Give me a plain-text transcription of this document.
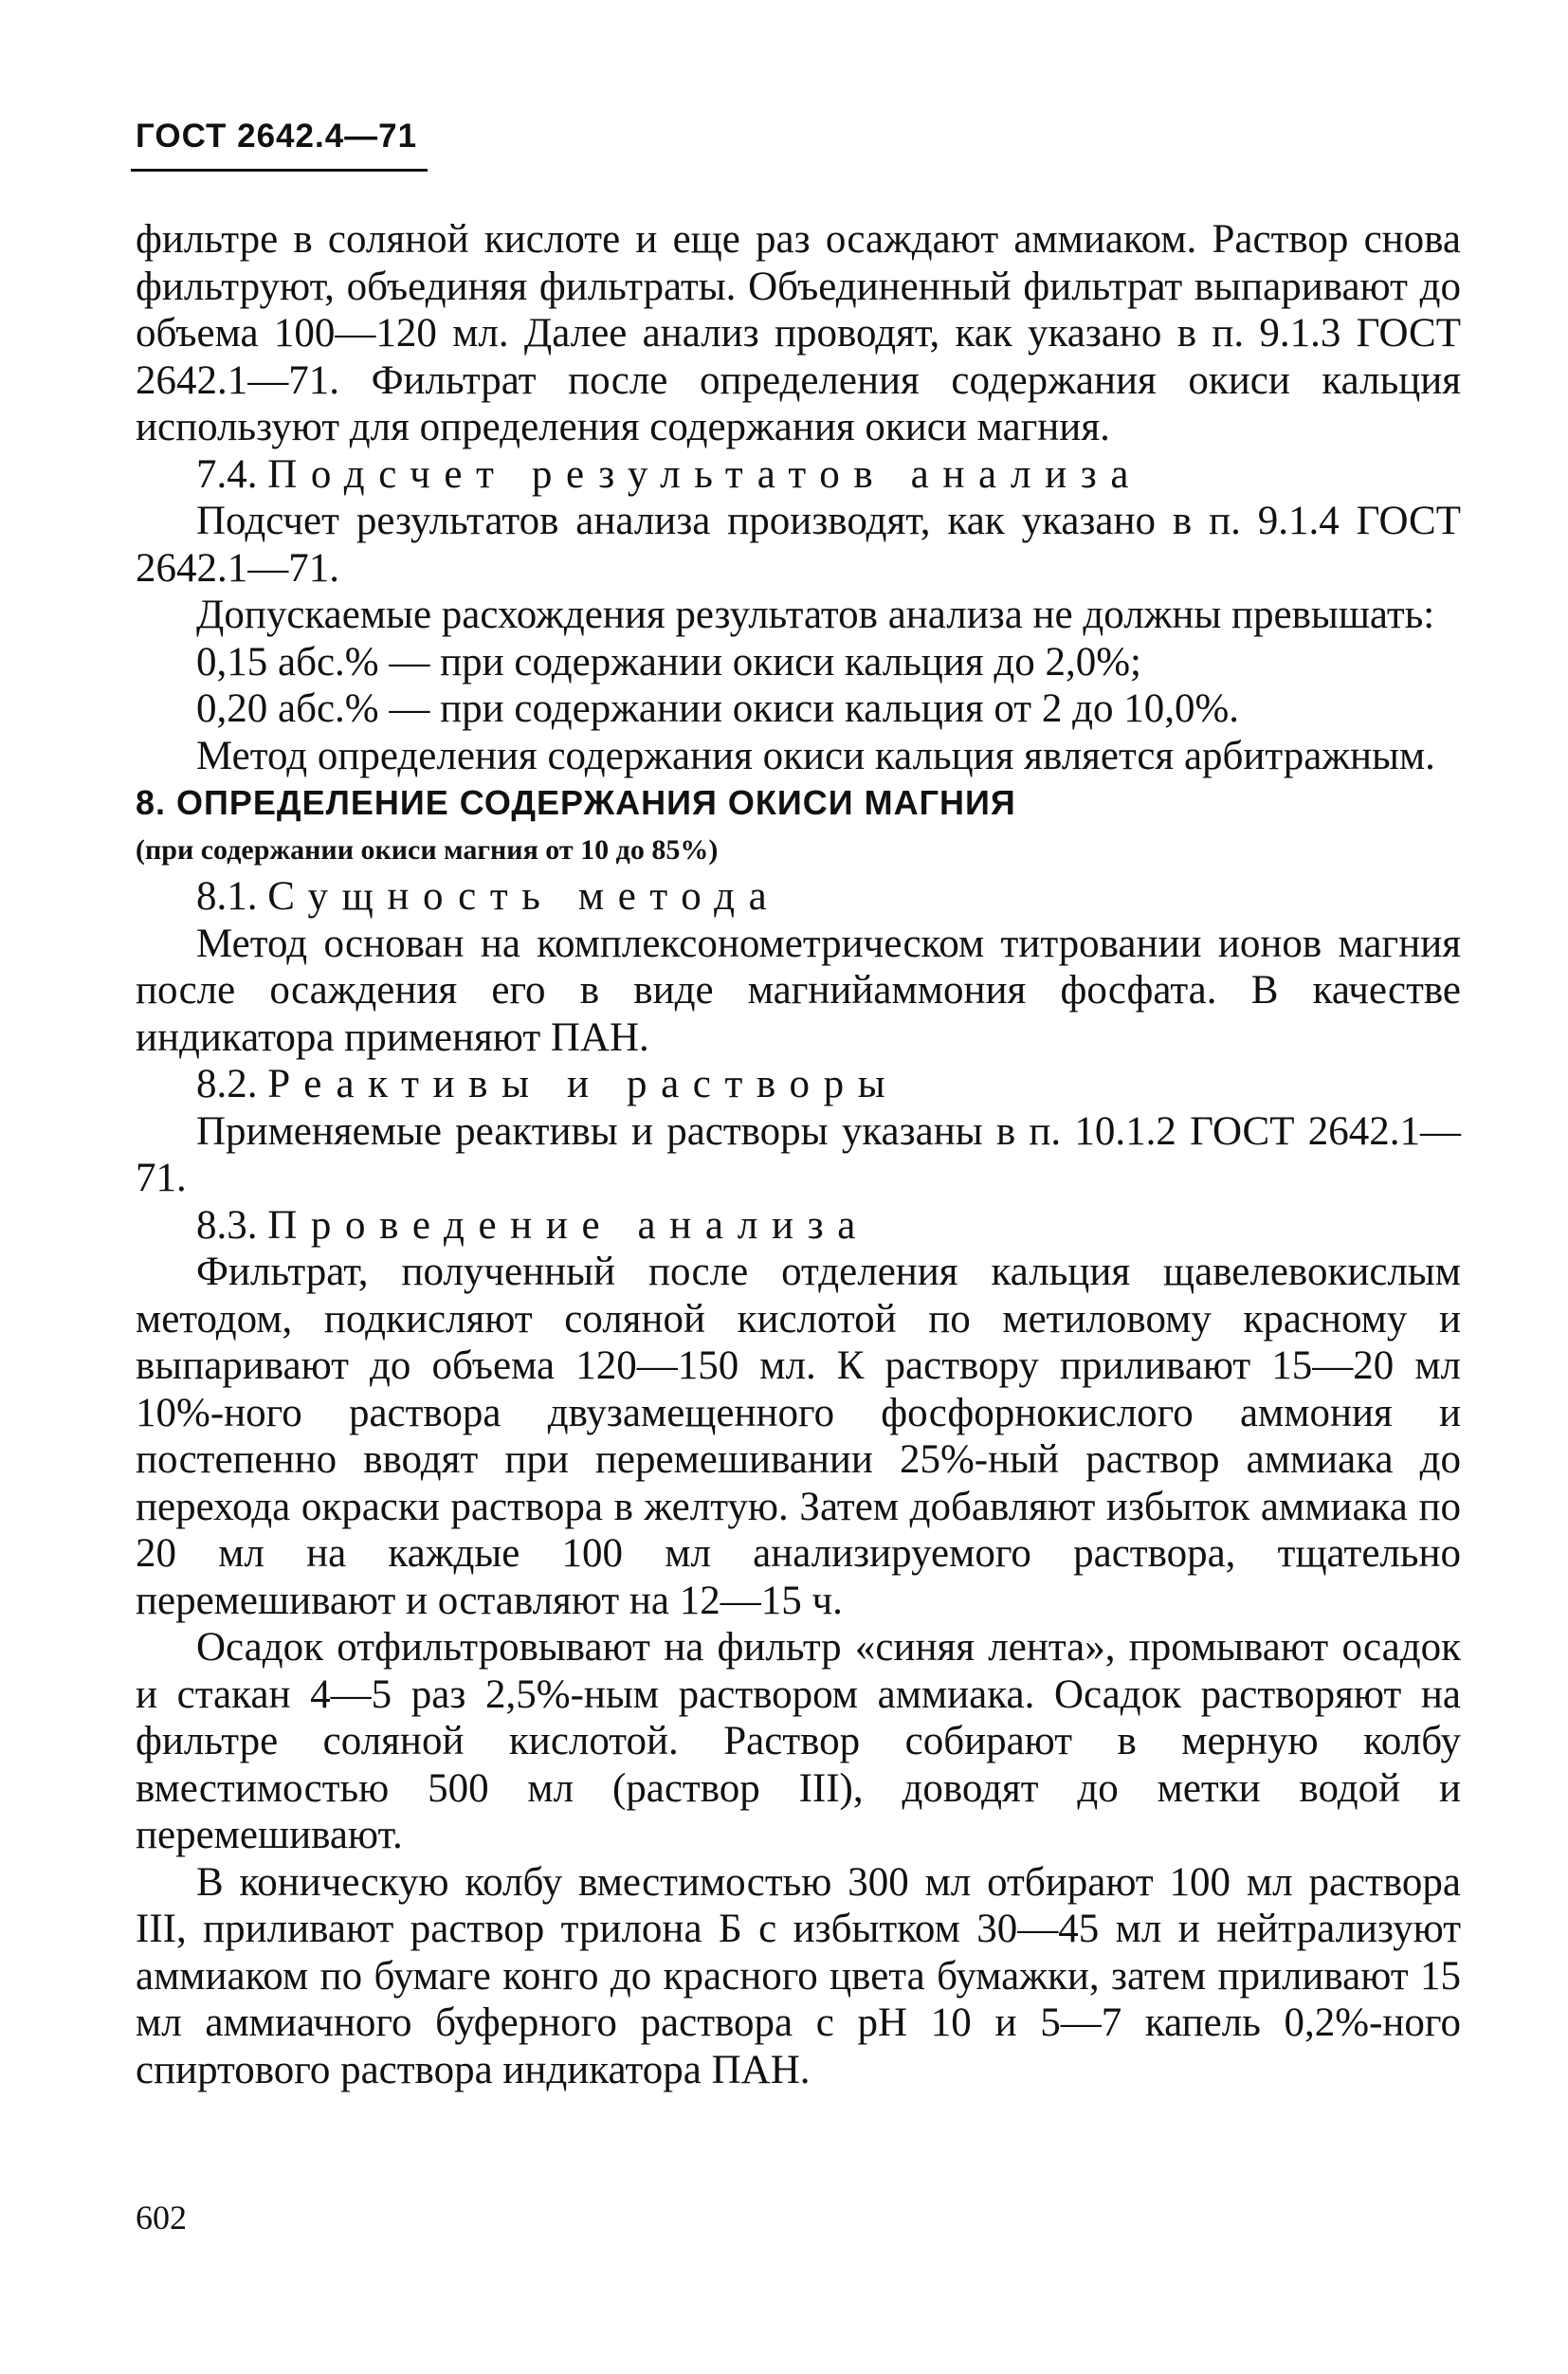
ГОСТ 2642.4—71

фильтре в соляной кислоте и еще раз осаждают аммиаком. Раствор снова фильтруют, объединяя фильтраты. Объединенный фильтрат выпаривают до объема 100—120 мл. Далее анализ проводят, как указано в п. 9.1.3 ГОСТ 2642.1—71. Фильтрат после определения содержания окиси кальция используют для определения содержания окиси магния.

7.4. Подсчет результатов анализа

Подсчет результатов анализа производят, как указано в п. 9.1.4 ГОСТ 2642.1—71.

Допускаемые расхождения результатов анализа не должны превышать:

0,15 абс.% — при содержании окиси кальция до 2,0%;

0,20 абс.% — при содержании окиси кальция от 2 до 10,0%.

Метод определения содержания окиси кальция является арбитражным.

8. ОПРЕДЕЛЕНИЕ СОДЕРЖАНИЯ ОКИСИ МАГНИЯ

(при содержании окиси магния от 10 до 85%)

8.1. Сущность метода

Метод основан на комплексонометрическом титровании ионов магния после осаждения его в виде магнийаммония фосфата. В качестве индикатора применяют ПАН.

8.2. Реактивы и растворы

Применяемые реактивы и растворы указаны в п. 10.1.2 ГОСТ 2642.1—71.

8.3. Проведение анализа

Фильтрат, полученный после отделения кальция щавелевокислым методом, подкисляют соляной кислотой по метиловому красному и выпаривают до объема 120—150 мл. К раствору приливают 15—20 мл 10%-ного раствора двузамещенного фосфорнокислого аммония и постепенно вводят при перемешивании 25%-ный раствор аммиака до перехода окраски раствора в желтую. Затем добавляют избыток аммиака по 20 мл на каждые 100 мл анализируемого раствора, тщательно перемешивают и оставляют на 12—15 ч.

Осадок отфильтровывают на фильтр «синяя лента», промывают осадок и стакан 4—5 раз 2,5%-ным раствором аммиака. Осадок растворяют на фильтре соляной кислотой. Раствор собирают в мерную колбу вместимостью 500 мл (раствор III), доводят до метки водой и перемешивают.

В коническую колбу вместимостью 300 мл отбирают 100 мл раствора III, приливают раствор трилона Б с избытком 30—45 мл и нейтрализуют аммиаком по бумаге конго до красного цвета бумажки, затем приливают 15 мл аммиачного буферного раствора с рН 10 и 5—7 капель 0,2%-ного спиртового раствора индикатора ПАН.

602
